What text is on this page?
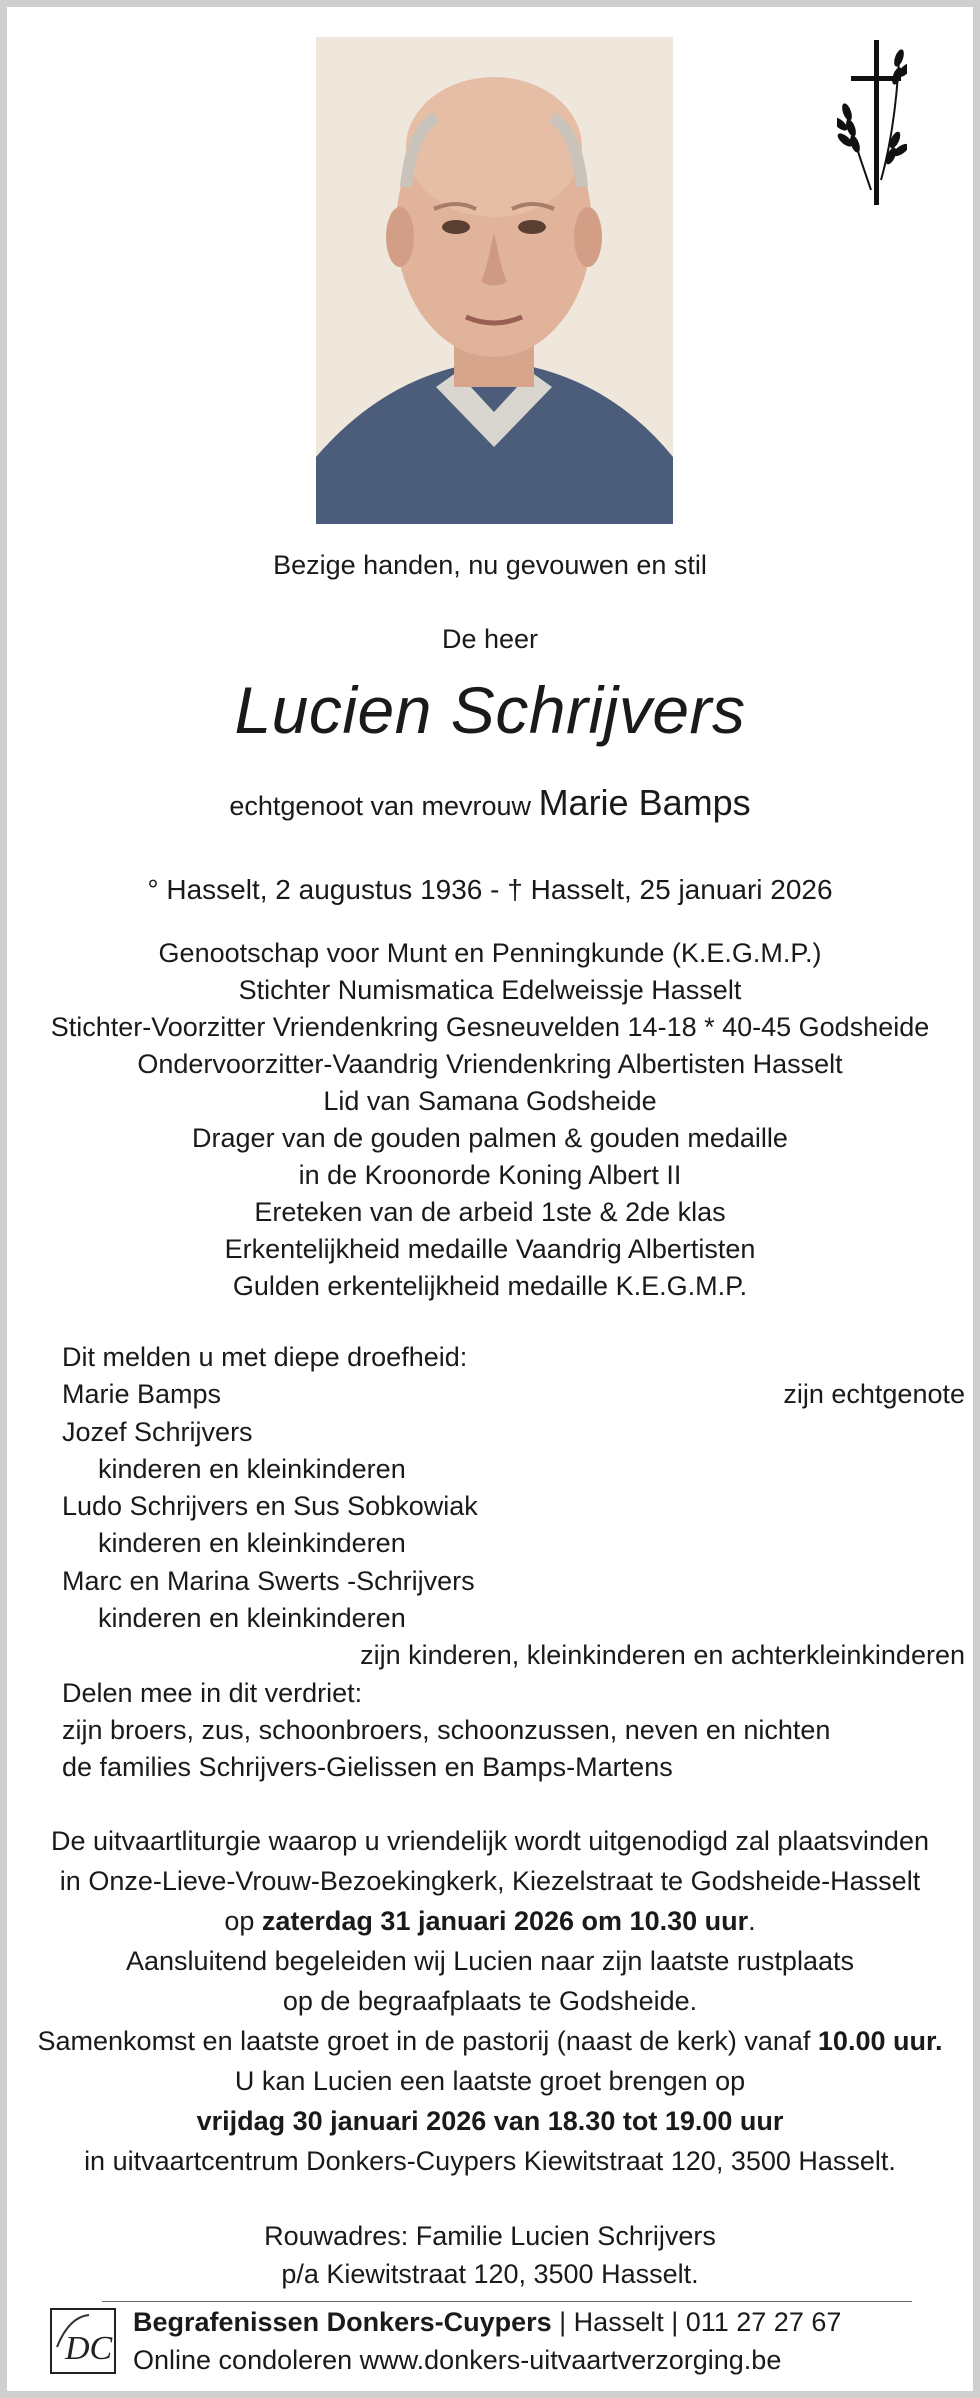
Bezige handen, nu gevouwen en stil
De heer
Lucien Schrijvers
echtgenoot van mevrouw Marie Bamps
° Hasselt, 2 augustus 1936 - † Hasselt, 25 januari 2026
Genootschap voor Munt en Penningkunde (K.E.G.M.P.)
Stichter Numismatica Edelweissje Hasselt
Stichter-Voorzitter Vriendenkring Gesneuvelden 14-18 * 40-45 Godsheide
Ondervoorzitter-Vaandrig Vriendenkring Albertisten Hasselt
Lid van Samana Godsheide
Drager van de gouden palmen & gouden medaille
in de Kroonorde Koning Albert II
Ereteken van de arbeid 1ste & 2de klas
Erkentelijkheid medaille Vaandrig Albertisten
Gulden erkentelijkheid medaille K.E.G.M.P.
Dit melden u met diepe droefheid:
Marie Bamps	zijn echtgenote
Jozef Schrijvers
kinderen en kleinkinderen
Ludo Schrijvers en Sus Sobkowiak
kinderen en kleinkinderen
Marc en Marina Swerts -Schrijvers
kinderen en kleinkinderen
zijn kinderen, kleinkinderen en achterkleinkinderen
Delen mee in dit verdriet:
zijn broers, zus, schoonbroers, schoonzussen, neven en nichten
de families Schrijvers-Gielissen en Bamps-Martens
De uitvaartliturgie waarop u vriendelijk wordt uitgenodigd zal plaatsvinden
in Onze-Lieve-Vrouw-Bezoekingkerk, Kiezelstraat te Godsheide-Hasselt
op zaterdag 31 januari 2026 om 10.30 uur.
Aansluitend begeleiden wij Lucien naar zijn laatste rustplaats
op de begraafplaats te Godsheide.
Samenkomst en laatste groet in de pastorij (naast de kerk) vanaf 10.00 uur.
U kan Lucien een laatste groet brengen op
vrijdag 30 januari 2026 van 18.30 tot 19.00 uur
in uitvaartcentrum Donkers-Cuypers Kiewitstraat 120, 3500 Hasselt.
Rouwadres: Familie Lucien Schrijvers
p/a Kiewitstraat 120, 3500 Hasselt.
DC
Begrafenissen Donkers-Cuypers | Hasselt | 011 27 27 67
Online condoleren www.donkers-uitvaartverzorging.be
